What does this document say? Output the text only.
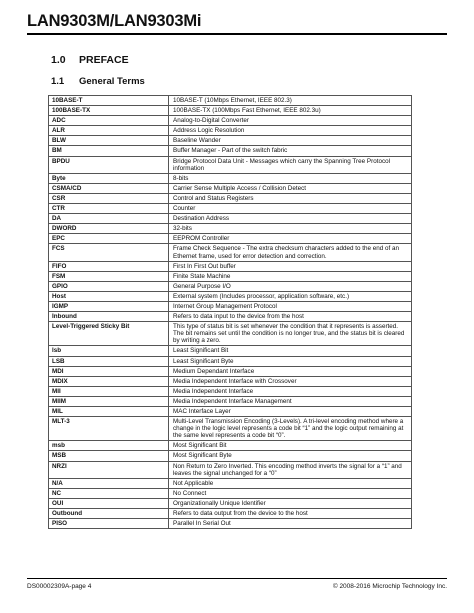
LAN9303M/LAN9303Mi
1.0 PREFACE
1.1 General Terms
10BASE-T	10BASE-T (10Mbps Ethernet, IEEE 802.3)
100BASE-TX	100BASE-TX (100Mbps Fast Ethernet, IEEE 802.3u)
ADC	Analog-to-Digital Converter
ALR	Address Logic Resolution
BLW	Baseline Wander
BM	Buffer Manager - Part of the switch fabric
BPDU	Bridge Protocol Data Unit - Messages which carry the Spanning Tree Protocol information
Byte	8-bits
CSMA/CD	Carrier Sense Multiple Access / Collision Detect
CSR	Control and Status Registers
CTR	Counter
DA	Destination Address
DWORD	32-bits
EPC	EEPROM Controller
FCS	Frame Check Sequence - The extra checksum characters added to the end of an Ethernet frame, used for error detection and correction.
FIFO	First In First Out buffer
FSM	Finite State Machine
GPIO	General Purpose I/O
Host	External system (Includes processor, application software, etc.)
IGMP	Internet Group Management Protocol
Inbound	Refers to data input to the device from the host
Level-Triggered Sticky Bit	This type of status bit is set whenever the condition that it represents is asserted. The bit remains set until the condition is no longer true, and the status bit is cleared by writing a zero.
lsb	Least Significant Bit
LSB	Least Significant Byte
MDI	Medium Dependant Interface
MDIX	Media Independent Interface with Crossover
MII	Media Independent Interface
MIIM	Media Independent Interface Management
MIL	MAC Interface Layer
MLT-3	Multi-Level Transmission Encoding (3-Levels). A tri-level encoding method where a change in the logic level represents a code bit “1” and the logic output remaining at the same level represents a code bit “0”.
msb	Most Significant Bit
MSB	Most Significant Byte
NRZI	Non Return to Zero Inverted. This encoding method inverts the signal for a “1” and leaves the signal unchanged for a “0”
N/A	Not Applicable
NC	No Connect
OUI	Organizationally Unique Identifier
Outbound	Refers to data output from the device to the host
PISO	Parallel In Serial Out
DS00002309A-page 4	© 2008-2016 Microchip Technology Inc.
